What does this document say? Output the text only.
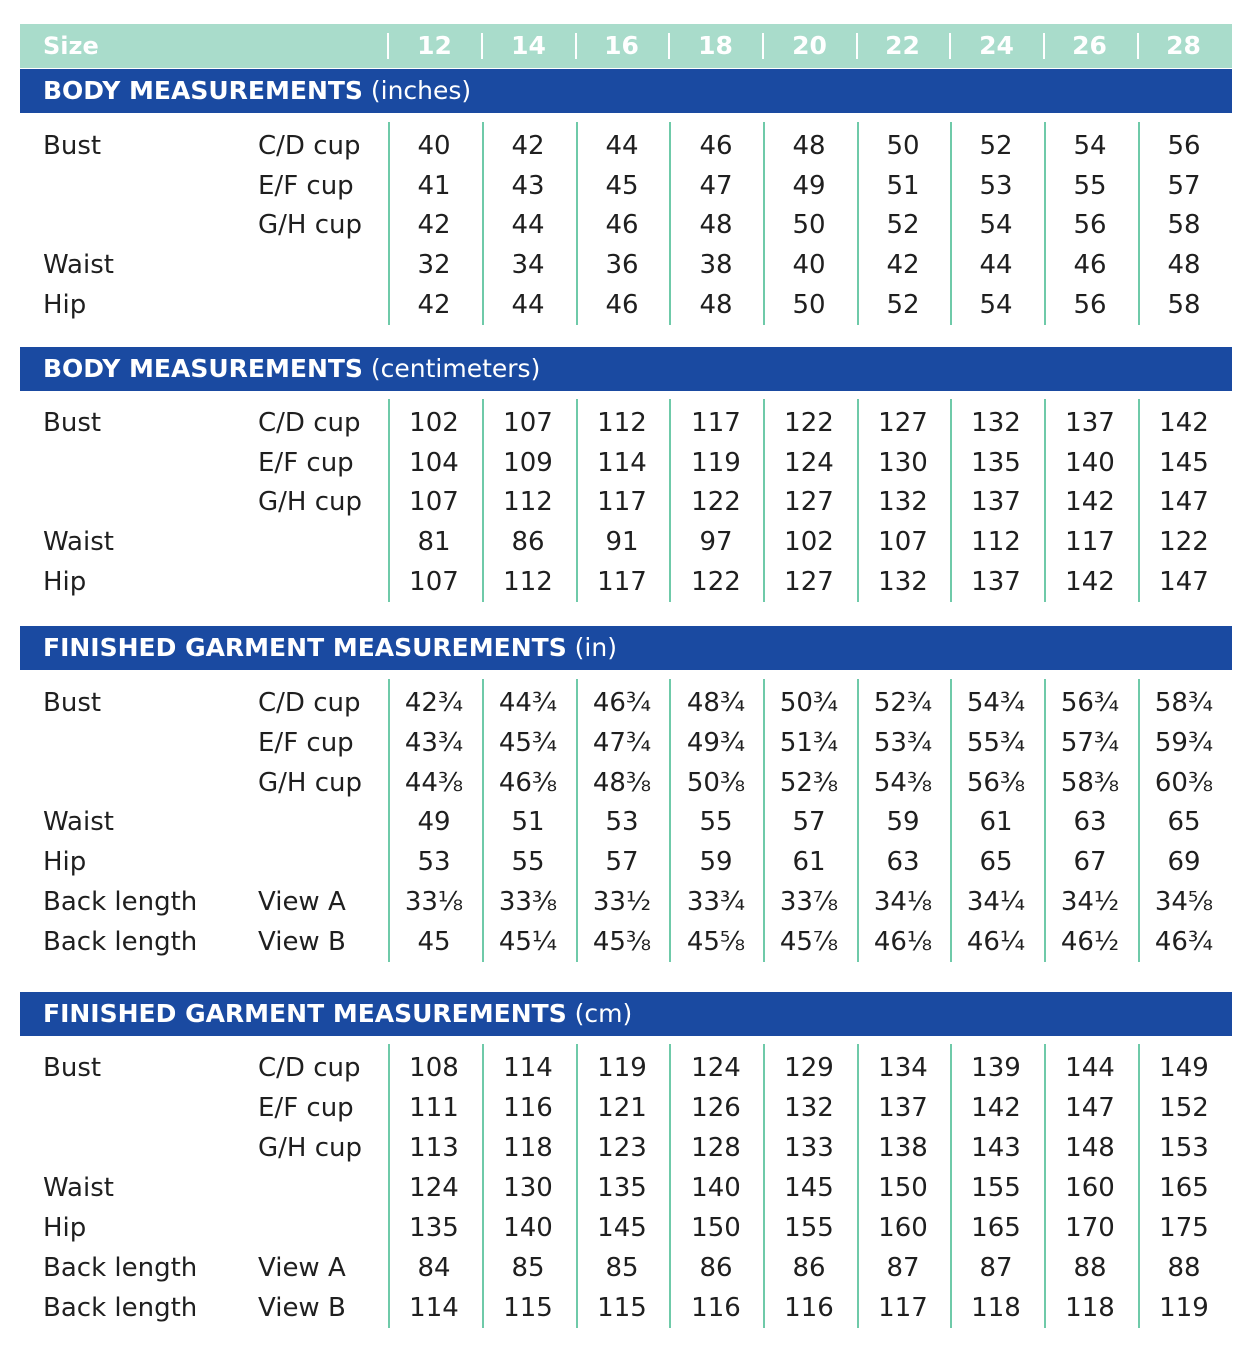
Size	12	14	16	18	20	22	24	26	28
BODY MEASUREMENTS (inches)
Bust	C/D cup	40	42	44	46	48	50	52	54	56
E/F cup	41	43	45	47	49	51	53	55	57
G/H cup	42	44	46	48	50	52	54	56	58
Waist	32	34	36	38	40	42	44	46	48
Hip	42	44	46	48	50	52	54	56	58
BODY MEASUREMENTS (centimeters)
Bust	C/D cup	102	107	112	117	122	127	132	137	142
E/F cup	104	109	114	119	124	130	135	140	145
G/H cup	107	112	117	122	127	132	137	142	147
Waist	81	86	91	97	102	107	112	117	122
Hip	107	112	117	122	127	132	137	142	147
FINISHED GARMENT MEASUREMENTS (in)
Bust	C/D cup	42¾	44¾	46¾	48¾	50¾	52¾	54¾	56¾	58¾
E/F cup	43¾	45¾	47¾	49¾	51¾	53¾	55¾	57¾	59¾
G/H cup	44⅜	46⅜	48⅜	50⅜	52⅜	54⅜	56⅜	58⅜	60⅜
Waist	49	51	53	55	57	59	61	63	65
Hip	53	55	57	59	61	63	65	67	69
Back length View A	33⅛	33⅜	33½	33¾	33⅞	34⅛	34¼	34½	34⅝
Back length View B	45	45¼	45⅜	45⅝	45⅞	46⅛	46¼	46½	46¾
FINISHED GARMENT MEASUREMENTS (cm)
Bust	C/D cup	108	114	119	124	129	134	139	144	149
E/F cup	111	116	121	126	132	137	142	147	152
G/H cup	113	118	123	128	133	138	143	148	153
Waist	124	130	135	140	145	150	155	160	165
Hip	135	140	145	150	155	160	165	170	175
Back length View A	84	85	85	86	86	87	87	88	88
Back length View B	114	115	115	116	116	117	118	118	119
